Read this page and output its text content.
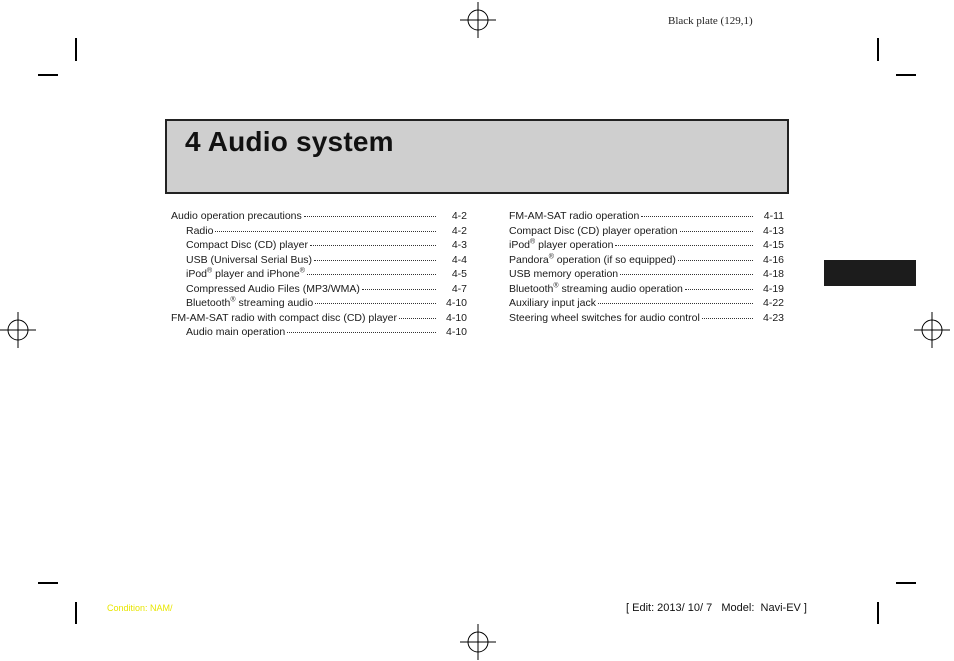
Black plate (129,1)
4 Audio system
Audio operation precautions	4-2
Radio	4-2
Compact Disc (CD) player	4-3
USB (Universal Serial Bus)	4-4
iPod® player and iPhone®	4-5
Compressed Audio Files (MP3/WMA)	4-7
Bluetooth® streaming audio	4-10
FM-AM-SAT radio with compact disc (CD) player	4-10
Audio main operation	4-10
FM-AM-SAT radio operation	4-11
Compact Disc (CD) player operation	4-13
iPod® player operation	4-15
Pandora® operation (if so equipped)	4-16
USB memory operation	4-18
Bluetooth® streaming audio operation	4-19
Auxiliary input jack	4-22
Steering wheel switches for audio control	4-23
Condition: NAM/	[ Edit: 2013/ 10/ 7   Model:  Navi-EV ]
